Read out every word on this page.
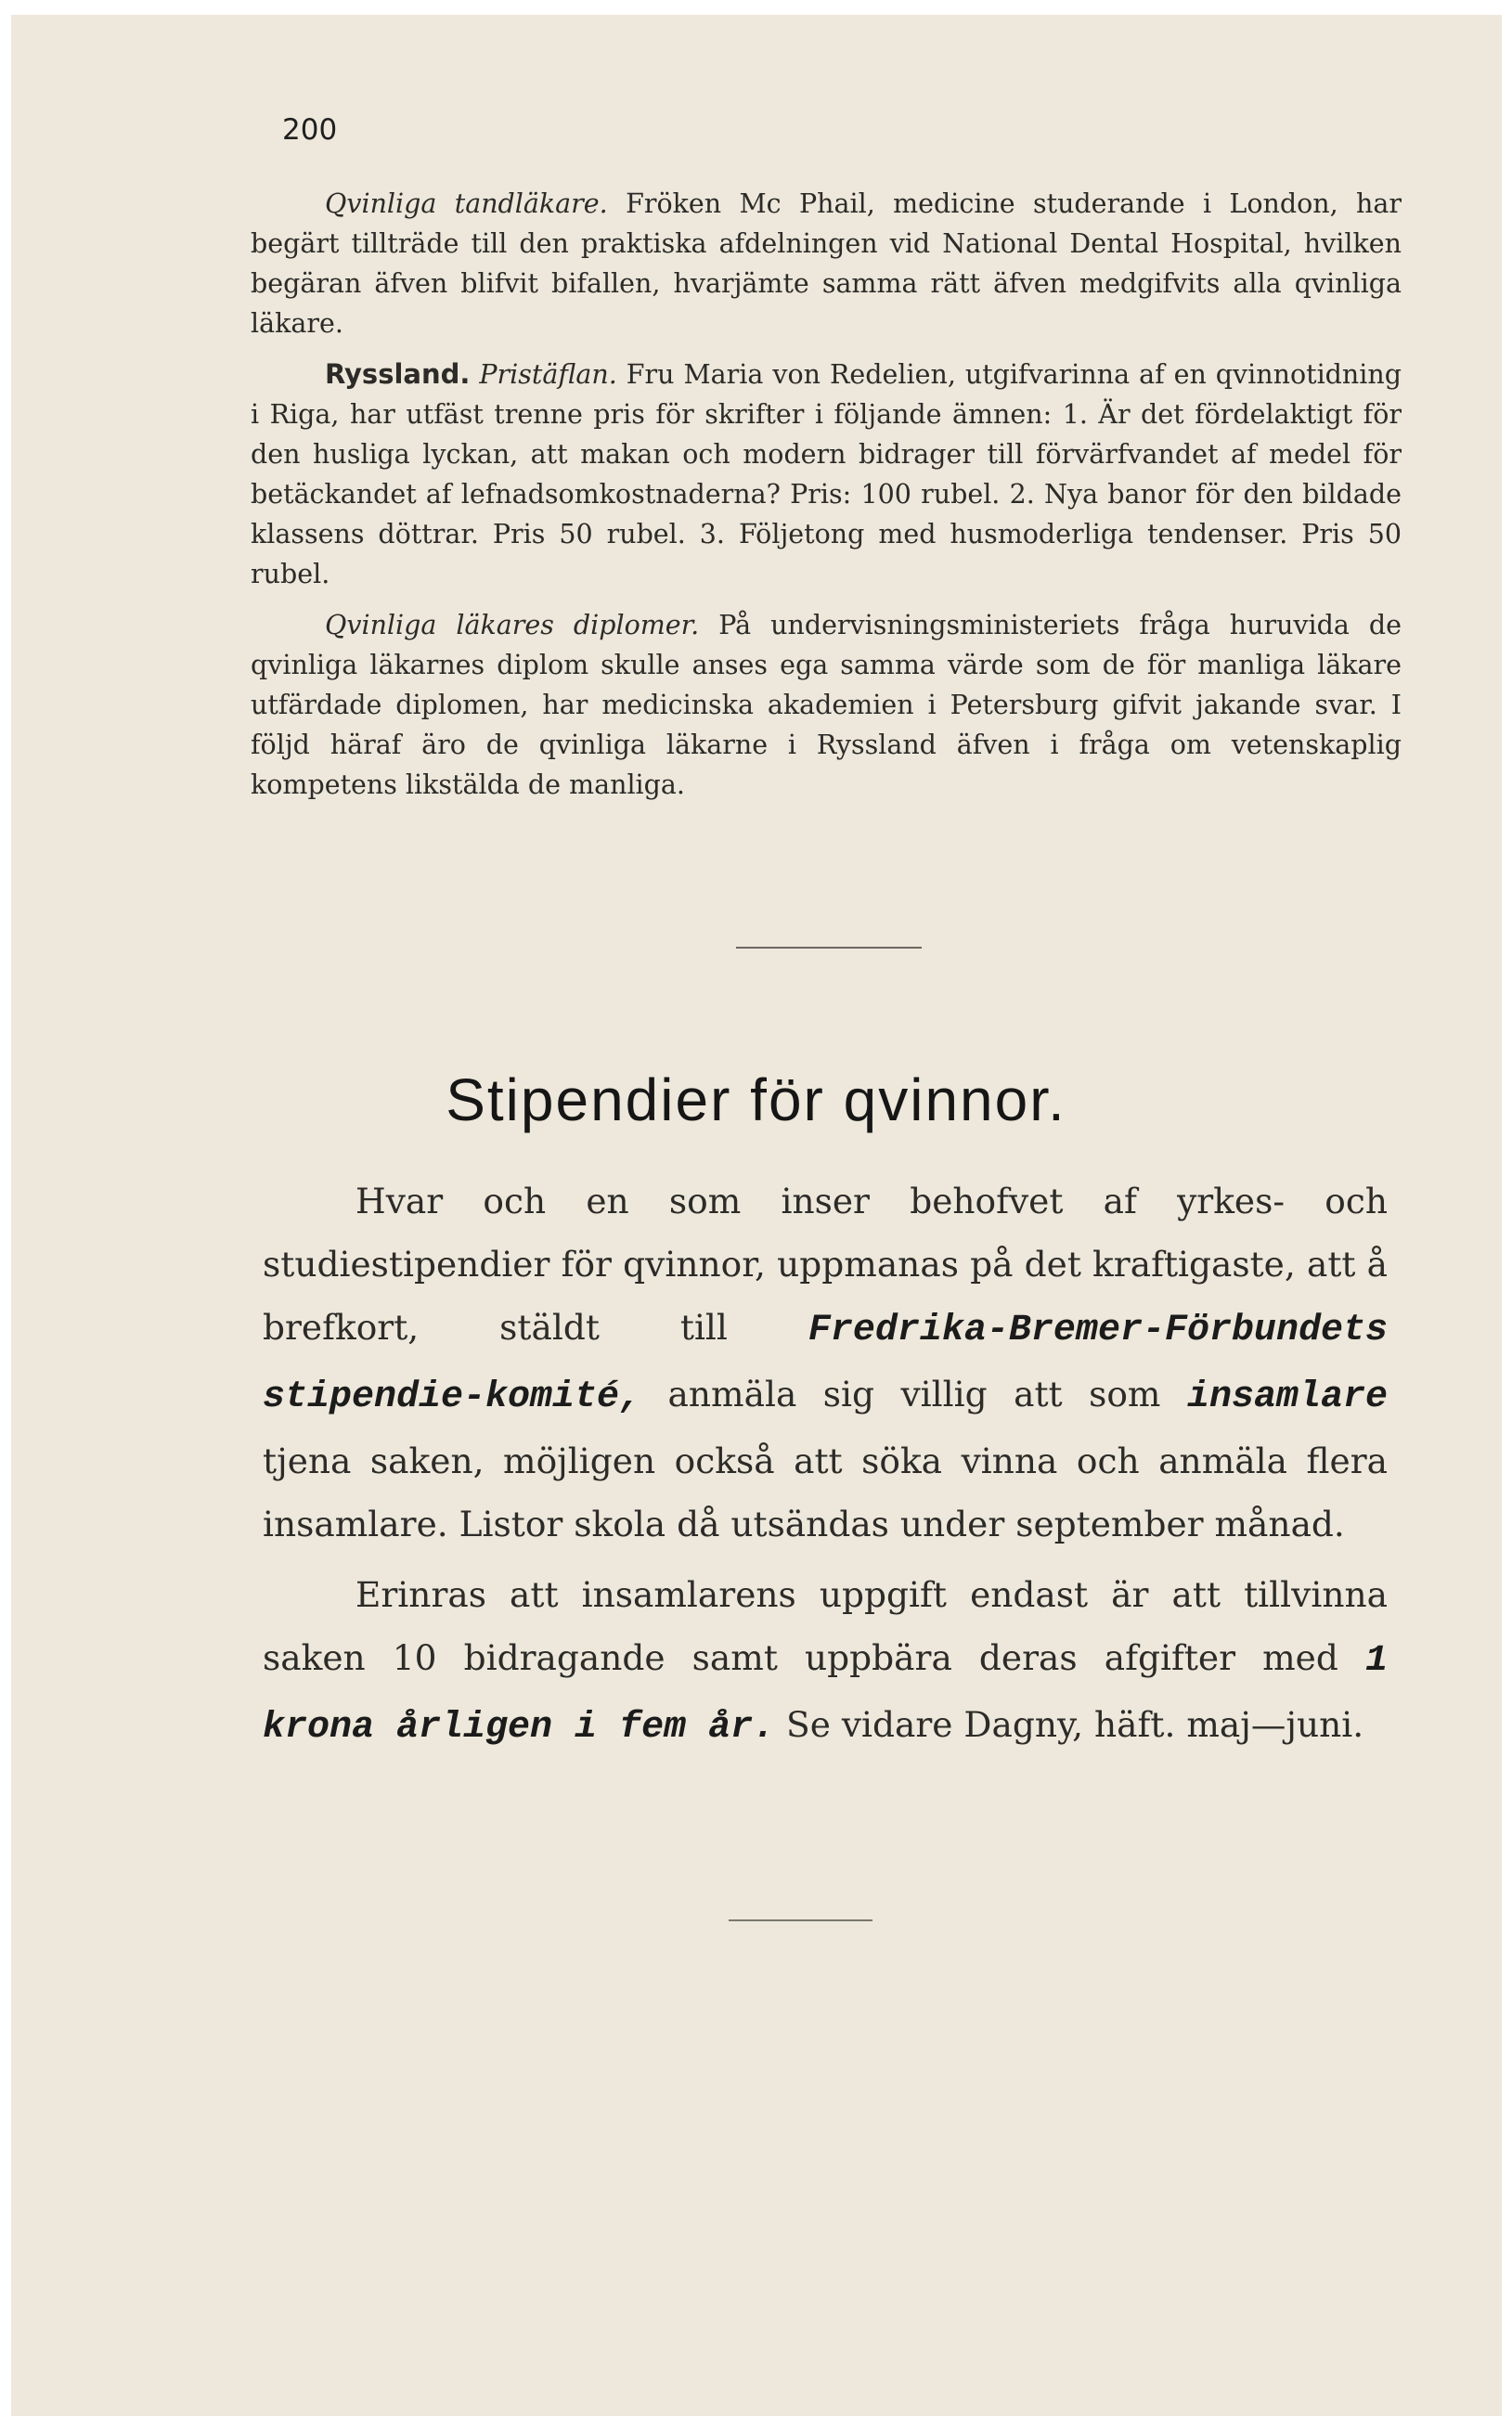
200

Qvinliga tandläkare. Fröken Mc Phail, medicine studerande i London, har begärt tillträde till den praktiska afdelningen vid National Dental Hospital, hvilken begäran äfven blifvit bifallen, hvarjämte samma rätt äfven medgifvits alla qvinliga läkare.

Ryssland. Pristäflan. Fru Maria von Redelien, utgifvarinna af en qvinnotidning i Riga, har utfäst trenne pris för skrifter i följande ämnen: 1. Är det fördelaktigt för den husliga lyckan, att makan och modern bidrager till förvärfvandet af medel för betäckandet af lefnadsomkostnaderna? Pris: 100 rubel. 2. Nya banor för den bildade klassens döttrar. Pris 50 rubel. 3. Följetong med husmoderliga tendenser. Pris 50 rubel.

Qvinliga läkares diplomer. På undervisningsministeriets fråga huruvida de qvinliga läkarnes diplom skulle anses ega samma värde som de för manliga läkare utfärdade diplomen, har medicinska akademien i Petersburg gifvit jakande svar. I följd häraf äro de qvinliga läkarne i Ryssland äfven i fråga om vetenskaplig kompetens likstälda de manliga.

Stipendier för qvinnor.

Hvar och en som inser behofvet af yrkes- och studiestipendier för qvinnor, uppmanas på det kraftigaste, att å brefkort, stäldt till Fredrika-Bremer-Förbundets stipendie-komité, anmäla sig villig att som insamlare tjena saken, möjligen också att söka vinna och anmäla flera insamlare. Listor skola då utsändas under september månad.

Erinras att insamlarens uppgift endast är att tillvinna saken 10 bidragande samt uppbära deras afgifter med 1 krona årligen i fem år. Se vidare Dagny, häft. maj—juni.
